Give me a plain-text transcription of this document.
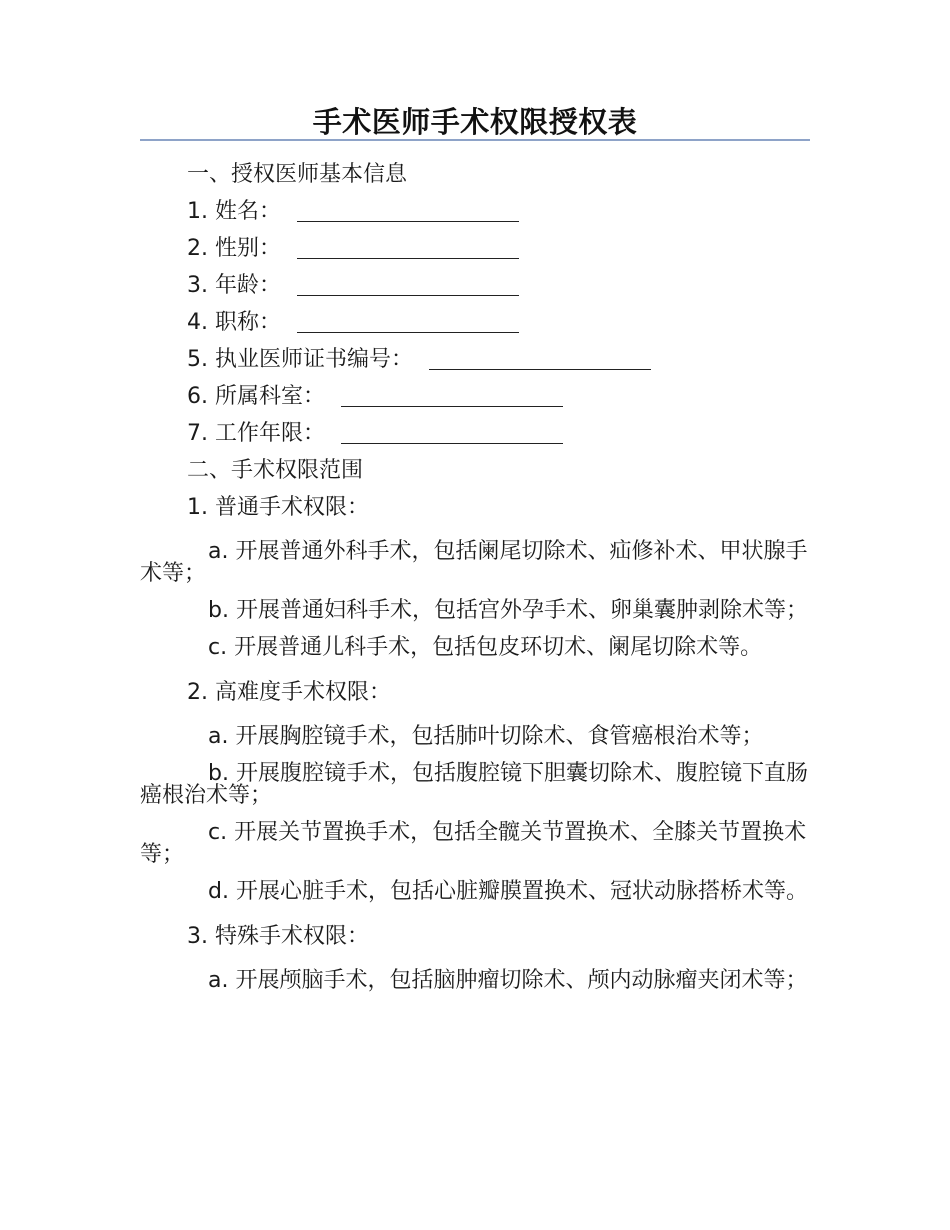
手术医师手术权限授权表
一、授权医师基本信息
1. 姓名：
2. 性别：
3. 年龄：
4. 职称：
5. 执业医师证书编号：
6. 所属科室：
7. 工作年限：
二、手术权限范围
1. 普通手术权限：

a. 开展普通外科手术，包括阑尾切除术、疝修补术、甲状腺手术等；

b. 开展普通妇科手术，包括宫外孕手术、卵巢囊肿剥除术等；

c. 开展普通儿科手术，包括包皮环切术、阑尾切除术等。

2. 高难度手术权限：

a. 开展胸腔镜手术，包括肺叶切除术、食管癌根治术等；

b. 开展腹腔镜手术，包括腹腔镜下胆囊切除术、腹腔镜下直肠癌根治术等；

c. 开展关节置换手术，包括全髋关节置换术、全膝关节置换术等；

d. 开展心脏手术，包括心脏瓣膜置换术、冠状动脉搭桥术等。

3. 特殊手术权限：

a. 开展颅脑手术，包括脑肿瘤切除术、颅内动脉瘤夹闭术等；
